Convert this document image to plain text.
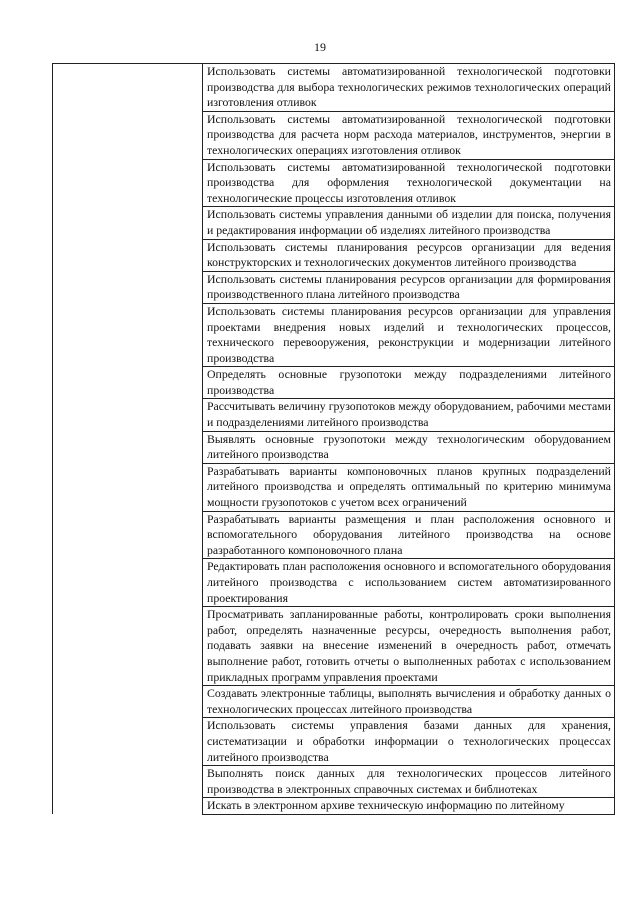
19

Использовать системы автоматизированной технологической подготовки производства для выбора технологических режимов технологических операций изготовления отливок

Использовать системы автоматизированной технологической подготовки производства для расчета норм расхода материалов, инструментов, энергии в технологических операциях изготовления отливок

Использовать системы автоматизированной технологической подготовки производства для оформления технологической документации на технологические процессы изготовления отливок

Использовать системы управления данными об изделии для поиска, получения и редактирования информации об изделиях литейного производства

Использовать системы планирования ресурсов организации для ведения конструкторских и технологических документов литейного производства

Использовать системы планирования ресурсов организации для формирования производственного плана литейного производства

Использовать системы планирования ресурсов организации для управления проектами внедрения новых изделий и технологических процессов, технического перевооружения, реконструкции и модернизации литейного производства

Определять основные грузопотоки между подразделениями литейного производства

Рассчитывать величину грузопотоков между оборудованием, рабочими местами и подразделениями литейного производства

Выявлять основные грузопотоки между технологическим оборудованием литейного производства

Разрабатывать варианты компоновочных планов крупных подразделений литейного производства и определять оптимальный по критерию минимума мощности грузопотоков с учетом всех ограничений

Разрабатывать варианты размещения и план расположения основного и вспомогательного оборудования литейного производства на основе разработанного компоновочного плана

Редактировать план расположения основного и вспомогательного оборудования литейного производства с использованием систем автоматизированного проектирования

Просматривать запланированные работы, контролировать сроки выполнения работ, определять назначенные ресурсы, очередность выполнения работ, подавать заявки на внесение изменений в очередность работ, отмечать выполнение работ, готовить отчеты о выполненных работах с использованием прикладных программ управления проектами

Создавать электронные таблицы, выполнять вычисления и обработку данных о технологических процессах литейного производства

Использовать системы управления базами данных для хранения, систематизации и обработки информации о технологических процессах литейного производства

Выполнять поиск данных для технологических процессов литейного производства в электронных справочных системах и библиотеках

Искать в электронном архиве техническую информацию по литейному
